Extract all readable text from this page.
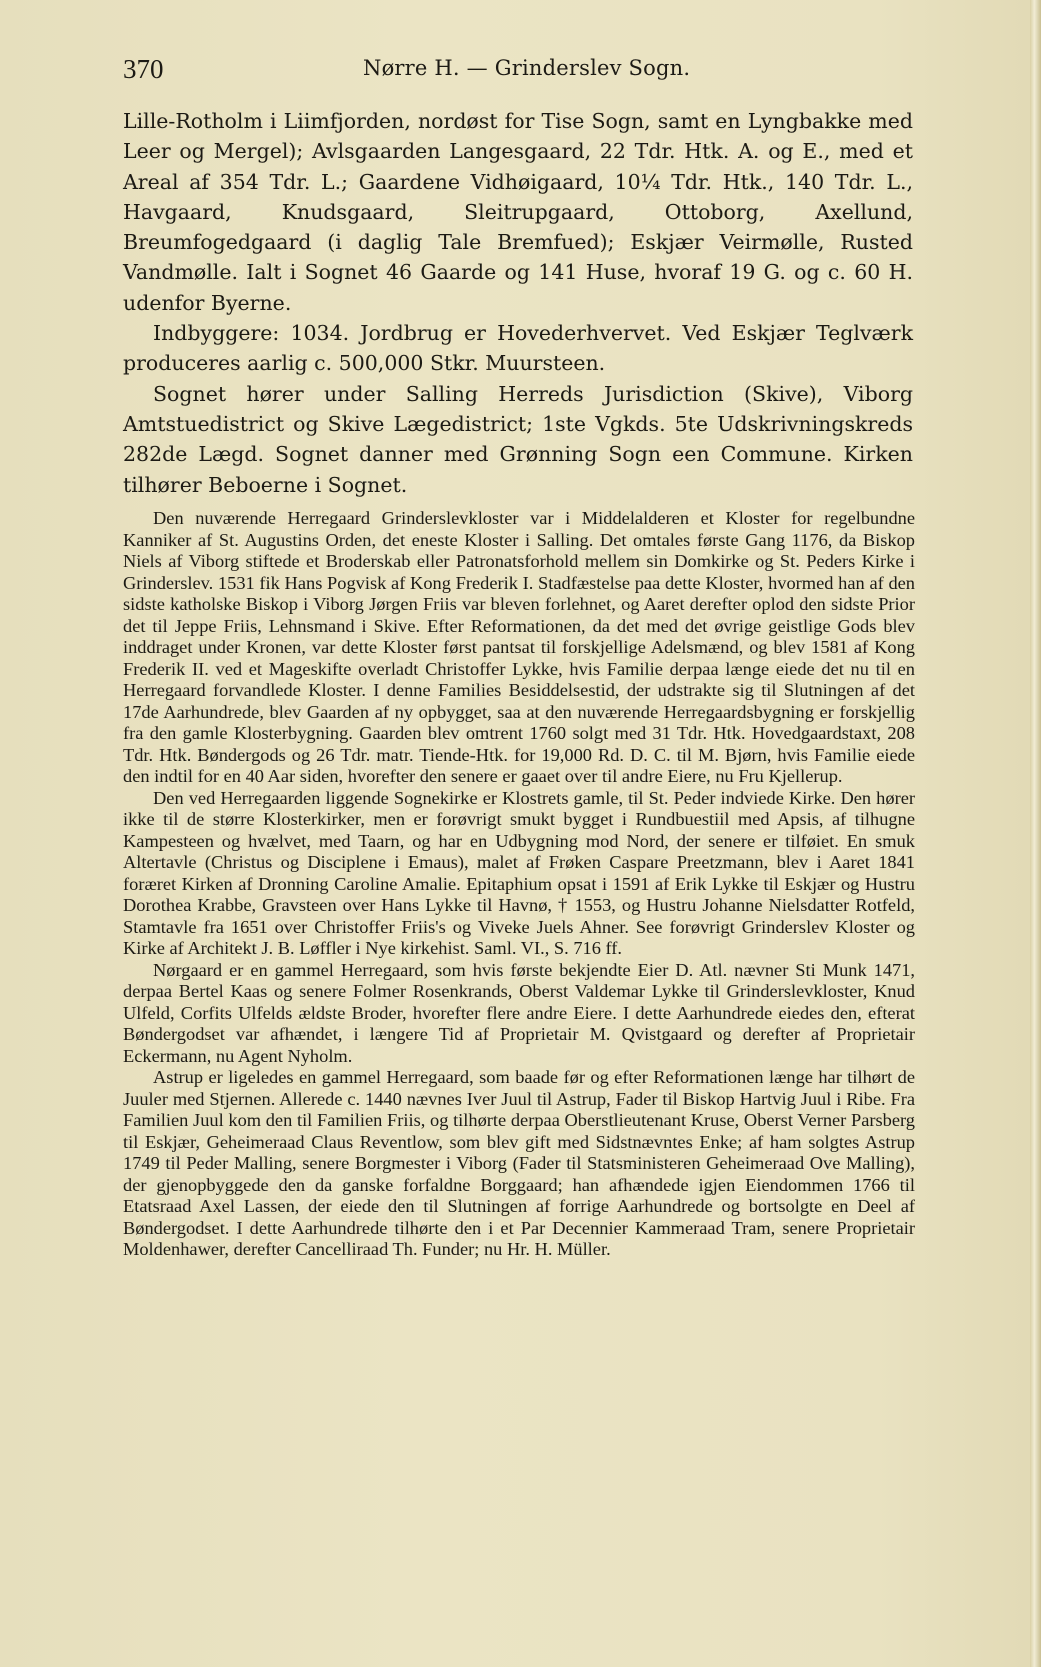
370	Nørre H. — Grinderslev Sogn.

Lille-Rotholm i Liimfjorden, nordøst for Tise Sogn, samt en Lyngbakke med Leer og Mergel); Avlsgaarden Langesgaard, 22 Tdr. Htk. A. og E., med et Areal af 354 Tdr. L.; Gaardene Vidhøigaard, 10¼ Tdr. Htk., 140 Tdr. L., Havgaard, Knudsgaard, Sleitrupgaard, Ottoborg, Axellund, Breumfogedgaard (i daglig Tale Bremfued); Eskjær Veirmølle, Rusted Vandmølle. Ialt i Sognet 46 Gaarde og 141 Huse, hvoraf 19 G. og c. 60 H. udenfor Byerne.

Indbyggere: 1034. Jordbrug er Hovederhvervet. Ved Eskjær Teglværk produceres aarlig c. 500,000 Stkr. Muursteen.

Sognet hører under Salling Herreds Jurisdiction (Skive), Viborg Amtstuedistrict og Skive Lægedistrict; 1ste Vgkds. 5te Udskrivningskreds 282de Lægd. Sognet danner med Grønning Sogn een Commune. Kirken tilhører Beboerne i Sognet.

Den nuværende Herregaard Grinderslevkloster var i Middelalderen et Kloster for regelbundne Kanniker af St. Augustins Orden, det eneste Kloster i Salling. Det omtales første Gang 1176, da Biskop Niels af Viborg stiftede et Broderskab eller Patronatsforhold mellem sin Domkirke og St. Peders Kirke i Grinderslev. 1531 fik Hans Pogvisk af Kong Frederik I. Stadfæstelse paa dette Kloster, hvormed han af den sidste katholske Biskop i Viborg Jørgen Friis var bleven forlehnet, og Aaret derefter oplod den sidste Prior det til Jeppe Friis, Lehnsmand i Skive. Efter Reformationen, da det med det øvrige geistlige Gods blev inddraget under Kronen, var dette Kloster først pantsat til forskjellige Adelsmænd, og blev 1581 af Kong Frederik II. ved et Mageskifte overladt Christoffer Lykke, hvis Familie derpaa længe eiede det nu til en Herregaard forvandlede Kloster. I denne Families Besiddelsestid, der udstrakte sig til Slutningen af det 17de Aarhundrede, blev Gaarden af ny opbygget, saa at den nuværende Herregaardsbygning er forskjellig fra den gamle Klosterbygning. Gaarden blev omtrent 1760 solgt med 31 Tdr. Htk. Hovedgaardstaxt, 208 Tdr. Htk. Bøndergods og 26 Tdr. matr. Tiende-Htk. for 19,000 Rd. D. C. til M. Bjørn, hvis Familie eiede den indtil for en 40 Aar siden, hvorefter den senere er gaaet over til andre Eiere, nu Fru Kjellerup.

Den ved Herregaarden liggende Sognekirke er Klostrets gamle, til St. Peder indviede Kirke. Den hører ikke til de større Klosterkirker, men er forøvrigt smukt bygget i Rundbuestiil med Apsis, af tilhugne Kampesteen og hvælvet, med Taarn, og har en Udbygning mod Nord, der senere er tilføiet. En smuk Altertavle (Christus og Disciplene i Emaus), malet af Frøken Caspare Preetzmann, blev i Aaret 1841 foræret Kirken af Dronning Caroline Amalie. Epitaphium opsat i 1591 af Erik Lykke til Eskjær og Hustru Dorothea Krabbe, Gravsteen over Hans Lykke til Havnø, † 1553, og Hustru Johanne Nielsdatter Rotfeld, Stamtavle fra 1651 over Christoffer Friis's og Viveke Juels Ahner. See forøvrigt Grinderslev Kloster og Kirke af Architekt J. B. Løffler i Nye kirkehist. Saml. VI., S. 716 ff.

Nørgaard er en gammel Herregaard, som hvis første bekjendte Eier D. Atl. nævner Sti Munk 1471, derpaa Bertel Kaas og senere Folmer Rosenkrands, Oberst Valdemar Lykke til Grinderslevkloster, Knud Ulfeld, Corfits Ulfelds ældste Broder, hvorefter flere andre Eiere. I dette Aarhundrede eiedes den, efterat Bøndergodset var afhændet, i længere Tid af Proprietair M. Qvistgaard og derefter af Proprietair Eckermann, nu Agent Nyholm.

Astrup er ligeledes en gammel Herregaard, som baade før og efter Reformationen længe har tilhørt de Juuler med Stjernen. Allerede c. 1440 nævnes Iver Juul til Astrup, Fader til Biskop Hartvig Juul i Ribe. Fra Familien Juul kom den til Familien Friis, og tilhørte derpaa Oberstlieutenant Kruse, Oberst Verner Parsberg til Eskjær, Geheimeraad Claus Reventlow, som blev gift med Sidstnævntes Enke; af ham solgtes Astrup 1749 til Peder Malling, senere Borgmester i Viborg (Fader til Statsministeren Geheimeraad Ove Malling), der gjenopbyggede den da ganske forfaldne Borggaard; han afhændede igjen Eiendommen 1766 til Etatsraad Axel Lassen, der eiede den til Slutningen af forrige Aarhundrede og bortsolgte en Deel af Bøndergodset. I dette Aarhundrede tilhørte den i et Par Decennier Kammeraad Tram, senere Proprietair Moldenhawer, derefter Cancelliraad Th. Funder; nu Hr. H. Müller.
